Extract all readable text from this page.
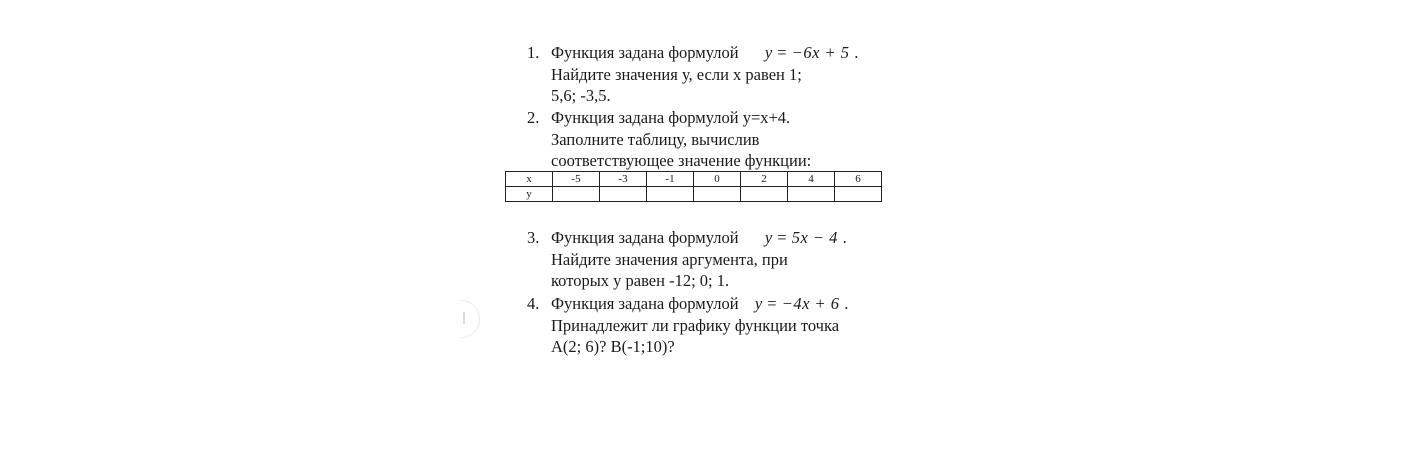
1. Функция задана формулой y = −6x + 5 .
Найдите значения у, если х равен 1;
5,6; -3,5.
2. Функция задана формулой у=х+4.
Заполните таблицу, вычислив
соответствующее значение функции:
x	-5	-3	-1	0	2	4	6
y							
3. Функция задана формулой y = 5x − 4 .
Найдите значения аргумента, при
которых у равен -12; 0; 1.
4. Функция задана формулой y = −4x + 6 .
Принадлежит ли графику функции точка
А(2; 6)? В(-1;10)?
